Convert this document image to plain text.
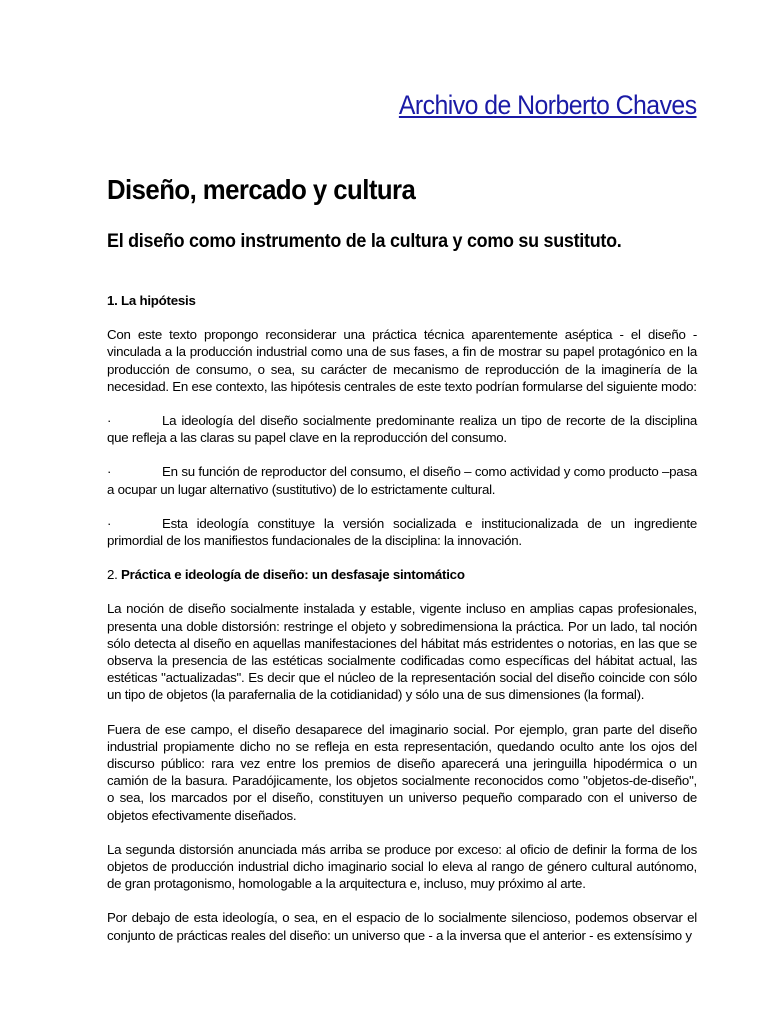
Archivo de Norberto Chaves
Diseño, mercado y cultura
El diseño como instrumento de la cultura y como su sustituto.
1. La hipótesis

Con este texto propongo reconsiderar una práctica técnica aparentemente aséptica - el diseño -vinculada a la producción industrial como una de sus fases, a fin de mostrar su papel protagónico en la producción de consumo, o sea, su carácter de mecanismo de reproducción de la imaginería de la necesidad. En ese contexto, las hipótesis centrales de este texto podrían formularse del siguiente modo:

·	La ideología del diseño socialmente predominante realiza un tipo de recorte de la disciplina que refleja a las claras su papel clave en la reproducción del consumo.
·	En su función de reproductor del consumo, el diseño – como actividad y como producto –pasa a ocupar un lugar alternativo (sustitutivo) de lo estrictamente cultural.
·	Esta ideología constituye la versión socializada e institucionalizada de un ingrediente primordial de los manifiestos fundacionales de la disciplina: la innovación.
2. Práctica e ideología de diseño: un desfasaje sintomático

La noción de diseño socialmente instalada y estable, vigente incluso en amplias capas profesionales, presenta una doble distorsión: restringe el objeto y sobredimensiona la práctica. Por un lado, tal noción sólo detecta al diseño en aquellas manifestaciones del hábitat más estridentes o notorias, en las que se observa la presencia de las estéticas socialmente codificadas como específicas del hábitat actual, las estéticas "actualizadas". Es decir que el núcleo de la representación social del diseño coincide con sólo un tipo de objetos (la parafernalia de la cotidianidad) y sólo una de sus dimensiones (la formal).

Fuera de ese campo, el diseño desaparece del imaginario social. Por ejemplo, gran parte del diseño industrial propiamente dicho no se refleja en esta representación, quedando oculto ante los ojos del discurso público: rara vez entre los premios de diseño aparecerá una jeringuilla hipodérmica o un camión de la basura. Paradójicamente, los objetos socialmente reconocidos como "objetos-de-diseño", o sea, los marcados por el diseño, constituyen un universo pequeño comparado con el universo de objetos efectivamente diseñados.

La segunda distorsión anunciada más arriba se produce por exceso: al oficio de definir la forma de los objetos de producción industrial dicho imaginario social lo eleva al rango de género cultural autónomo, de gran protagonismo, homologable a la arquitectura e, incluso, muy próximo al arte.

Por debajo de esta ideología, o sea, en el espacio de lo socialmente silencioso, podemos observar el conjunto de prácticas reales del diseño: un universo que - a la inversa que el anterior - es extensísimo y
